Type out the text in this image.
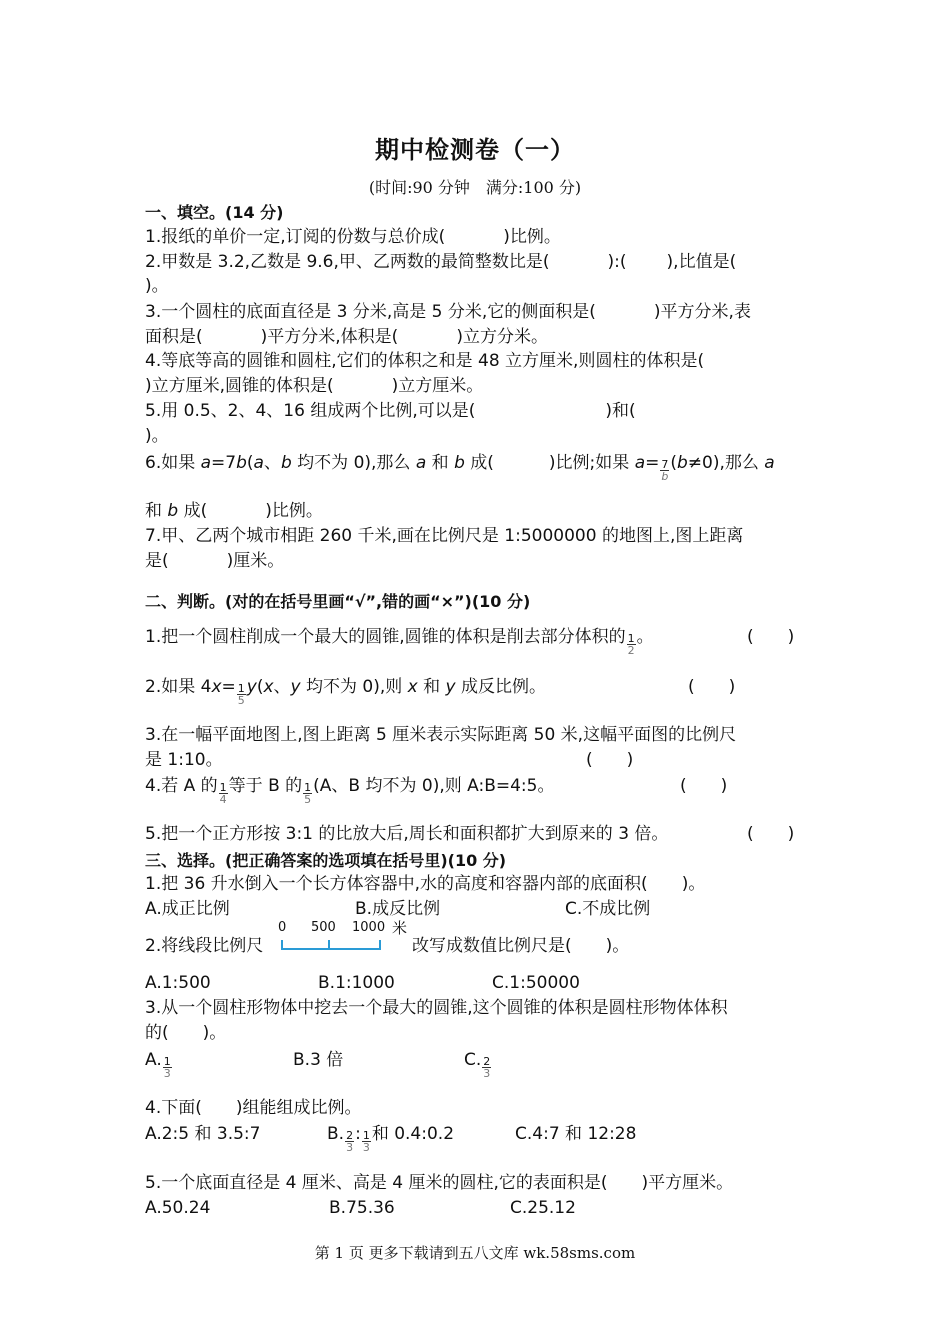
期中检测卷（一）
(时间:90 分钟　满分:100 分)
一、填空。(14 分)
1.报纸的单价一定,订阅的份数与总价成(	)比例。
2.甲数是 3.2,乙数是 9.6,甲、乙两数的最简整数比是(	):( ),比值是(
)。
3.一个圆柱的底面直径是 3 分米,高是 5 分米,它的侧面积是(	)平方分米,表
面积是(	)平方分米,体积是(	)立方分米。
4.等底等高的圆锥和圆柱,它们的体积之和是 48 立方厘米,则圆柱的体积是(
)立方厘米,圆锥的体积是(	)立方厘米。
5.用 0.5、2、4、16 组成两个比例,可以是(	)和(
)。
6.如果 a=7b(a、b 均不为 0),那么 a 和 b 成(	)比例;如果 $a= \frac{7}{b} (b\ne 0)$,那么 a
和 b 成(	)比例。
7.甲、乙两个城市相距 260 千米,画在比例尺是 1:5000000 的地图上,图上距离
是(	)厘米。
二、判断。(对的在括号里画“√”,错的画“×”)(10 分)
1.把一个圆柱削成一个最大的圆锥,圆锥的体积是削去部分体积的 $\frac{1}{2}$ 。	(　　)
2.如果 $4x= \frac{1}{5} y(x$、y 均不为 0),则 x 和 y 成反比例。	(　　)
3.在一幅平面地图上,图上距离 5 厘米表示实际距离 50 米,这幅平面图的比例尺
是 1:10。	(　　)
4.若 A 的 $\frac{1}{4}$ 等于 B 的 $\frac{1}{5} (A$、B 均不为 0),则 A:B=4:5。	(　　)
5.把一个正方形按 3:1 的比放大后,周长和面积都扩大到原来的 3 倍。	(　　)
三、选择。(把正确答案的选项填在括号里)(10 分)
1.把 36 升水倒入一个长方体容器中,水的高度和容器内部的底面积(　　)。
A.成正比例	B.成反比例	C.不成比例
2.将线段比例尺
0 500 1000 米
改写成数值比例尺是(　　)。
A.1:500	B.1:1000	C.1:50000
3.从一个圆柱形物体中挖去一个最大的圆锥,这个圆锥的体积是圆柱形物体体积
的(　　)。
A. $\frac{1}{3}$	B.3 倍	C. $\frac{2}{3}$
4.下面(　　)组能组成比例。
A.2:5 和 3.5:7	B. $\frac{2}{3}$ : $\frac{1}{3}$ 和 0.4:0.2	C.4:7 和 12:28
5.一个底面直径是 4 厘米、高是 4 厘米的圆柱,它的表面积是(　　)平方厘米。
A.50.24	B.75.36	C.25.12
第 1 页 更多下载请到五八文库 wk.58sms.com
